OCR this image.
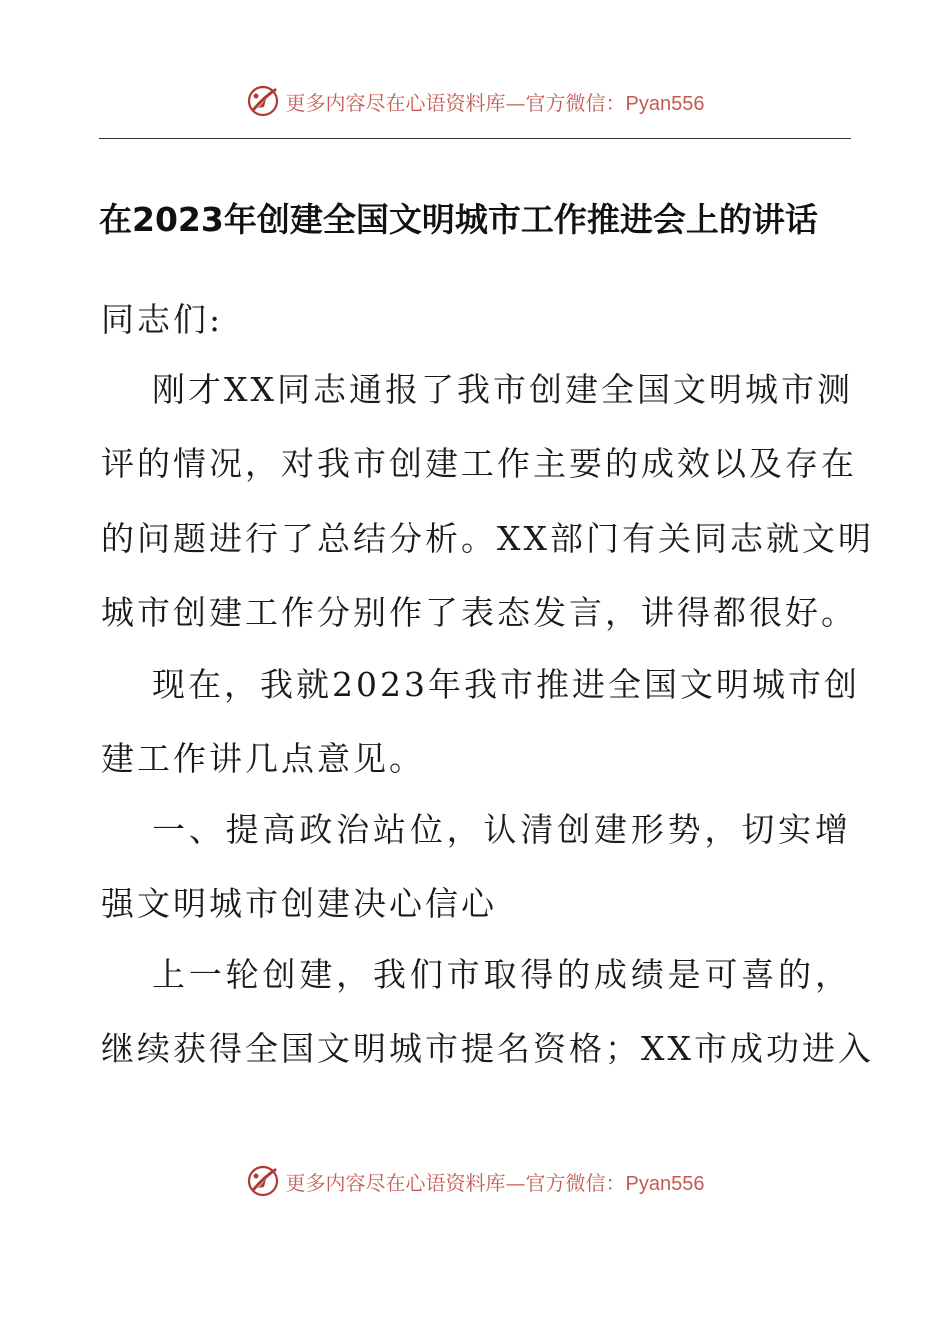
更多内容尽在心语资料库—官方微信：Pyan556
在2023年创建全国文明城市工作推进会上的讲话
同志们:
刚才XX同志通报了我市创建全国文明城市测
评的情况，对我市创建工作主要的成效以及存在
的问题进行了总结分析。XX部门有关同志就文明
城市创建工作分别作了表态发言，讲得都很好。
现在，我就2023年我市推进全国文明城市创
建工作讲几点意见。
一、提高政治站位，认清创建形势，切实增
强文明城市创建决心信心
上一轮创建，我们市取得的成绩是可喜的，
继续获得全国文明城市提名资格；XX市成功进入
更多内容尽在心语资料库—官方微信：Pyan556
